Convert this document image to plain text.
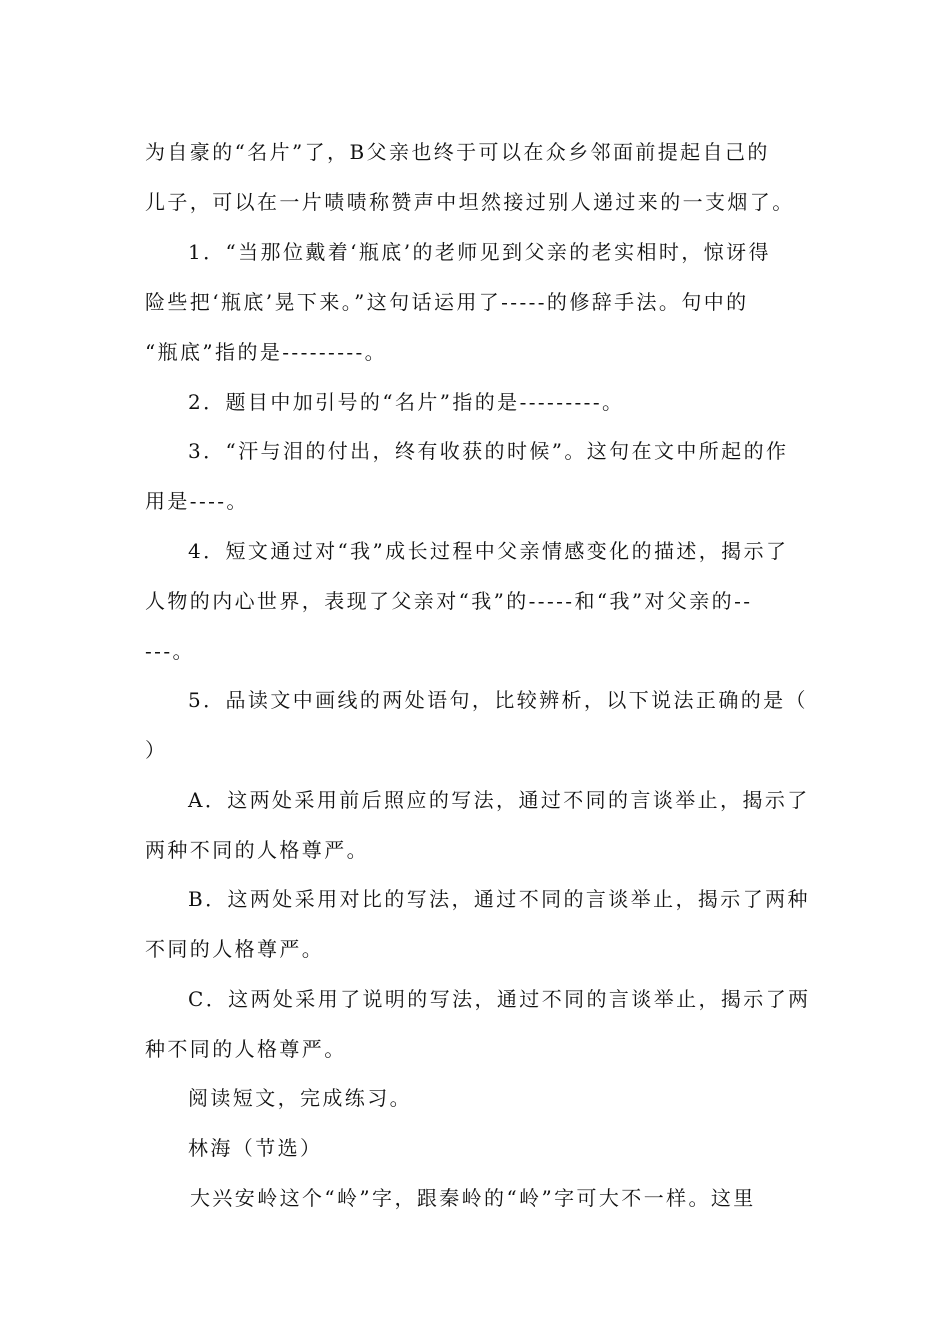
为自豪的“名片”了，B父亲也终于可以在众乡邻面前提起自己的
儿子，可以在一片啧啧称赞声中坦然接过别人递过来的一支烟了。
1．“当那位戴着‘瓶底’的老师见到父亲的老实相时，惊讶得
险些把‘瓶底’晃下来。”这句话运用了-----的修辞手法。句中的
“瓶底”指的是---------。
2．题目中加引号的“名片”指的是---------。
3．“汗与泪的付出，终有收获的时候”。这句在文中所起的作
用是----。
4．短文通过对“我”成长过程中父亲情感变化的描述，揭示了
人物的内心世界，表现了父亲对“我”的-----和“我”对父亲的--
---。
5．品读文中画线的两处语句，比较辨析，以下说法正确的是（
）
A．这两处采用前后照应的写法，通过不同的言谈举止，揭示了
两种不同的人格尊严。
B．这两处采用对比的写法，通过不同的言谈举止，揭示了两种
不同的人格尊严。
C．这两处采用了说明的写法，通过不同的言谈举止，揭示了两
种不同的人格尊严。
阅读短文，完成练习。
林海（节选）
大兴安岭这个“岭”字，跟秦岭的“岭”字可大不一样。这里
